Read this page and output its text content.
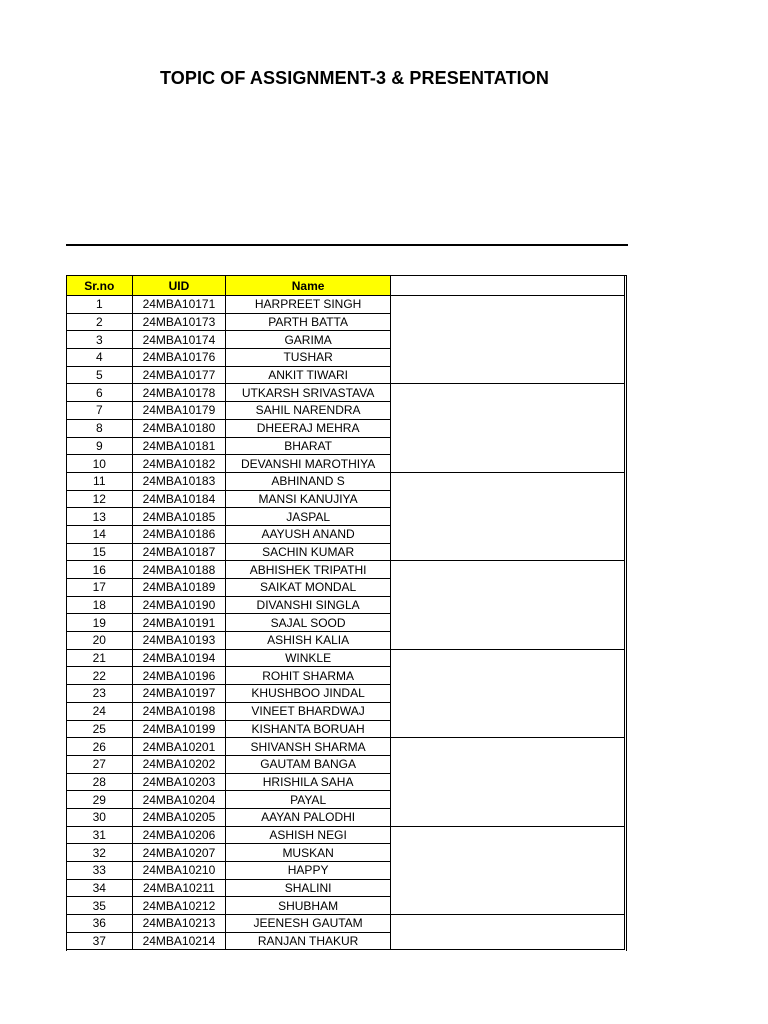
TOPIC OF ASSIGNMENT-3 & PRESENTATION
Sr.no	UID	Name	
1	24MBA10171	HARPREET SINGH	
2	24MBA10173	PARTH BATTA	
3	24MBA10174	GARIMA	
4	24MBA10176	TUSHAR	
5	24MBA10177	ANKIT TIWARI	
6	24MBA10178	UTKARSH SRIVASTAVA	
7	24MBA10179	SAHIL NARENDRA	
8	24MBA10180	DHEERAJ MEHRA	
9	24MBA10181	BHARAT	
10	24MBA10182	DEVANSHI MAROTHIYA	
11	24MBA10183	ABHINAND S	
12	24MBA10184	MANSI KANUJIYA	
13	24MBA10185	JASPAL	
14	24MBA10186	AAYUSH ANAND	
15	24MBA10187	SACHIN KUMAR	
16	24MBA10188	ABHISHEK TRIPATHI	
17	24MBA10189	SAIKAT MONDAL	
18	24MBA10190	DIVANSHI SINGLA	
19	24MBA10191	SAJAL SOOD	
20	24MBA10193	ASHISH KALIA	
21	24MBA10194	WINKLE	
22	24MBA10196	ROHIT SHARMA	
23	24MBA10197	KHUSHBOO JINDAL	
24	24MBA10198	VINEET BHARDWAJ	
25	24MBA10199	KISHANTA BORUAH	
26	24MBA10201	SHIVANSH SHARMA	
27	24MBA10202	GAUTAM BANGA	
28	24MBA10203	HRISHILA SAHA	
29	24MBA10204	PAYAL	
30	24MBA10205	AAYAN PALODHI	
31	24MBA10206	ASHISH NEGI	
32	24MBA10207	MUSKAN	
33	24MBA10210	HAPPY	
34	24MBA10211	SHALINI	
35	24MBA10212	SHUBHAM	
36	24MBA10213	JEENESH GAUTAM	
37	24MBA10214	RANJAN THAKUR	
